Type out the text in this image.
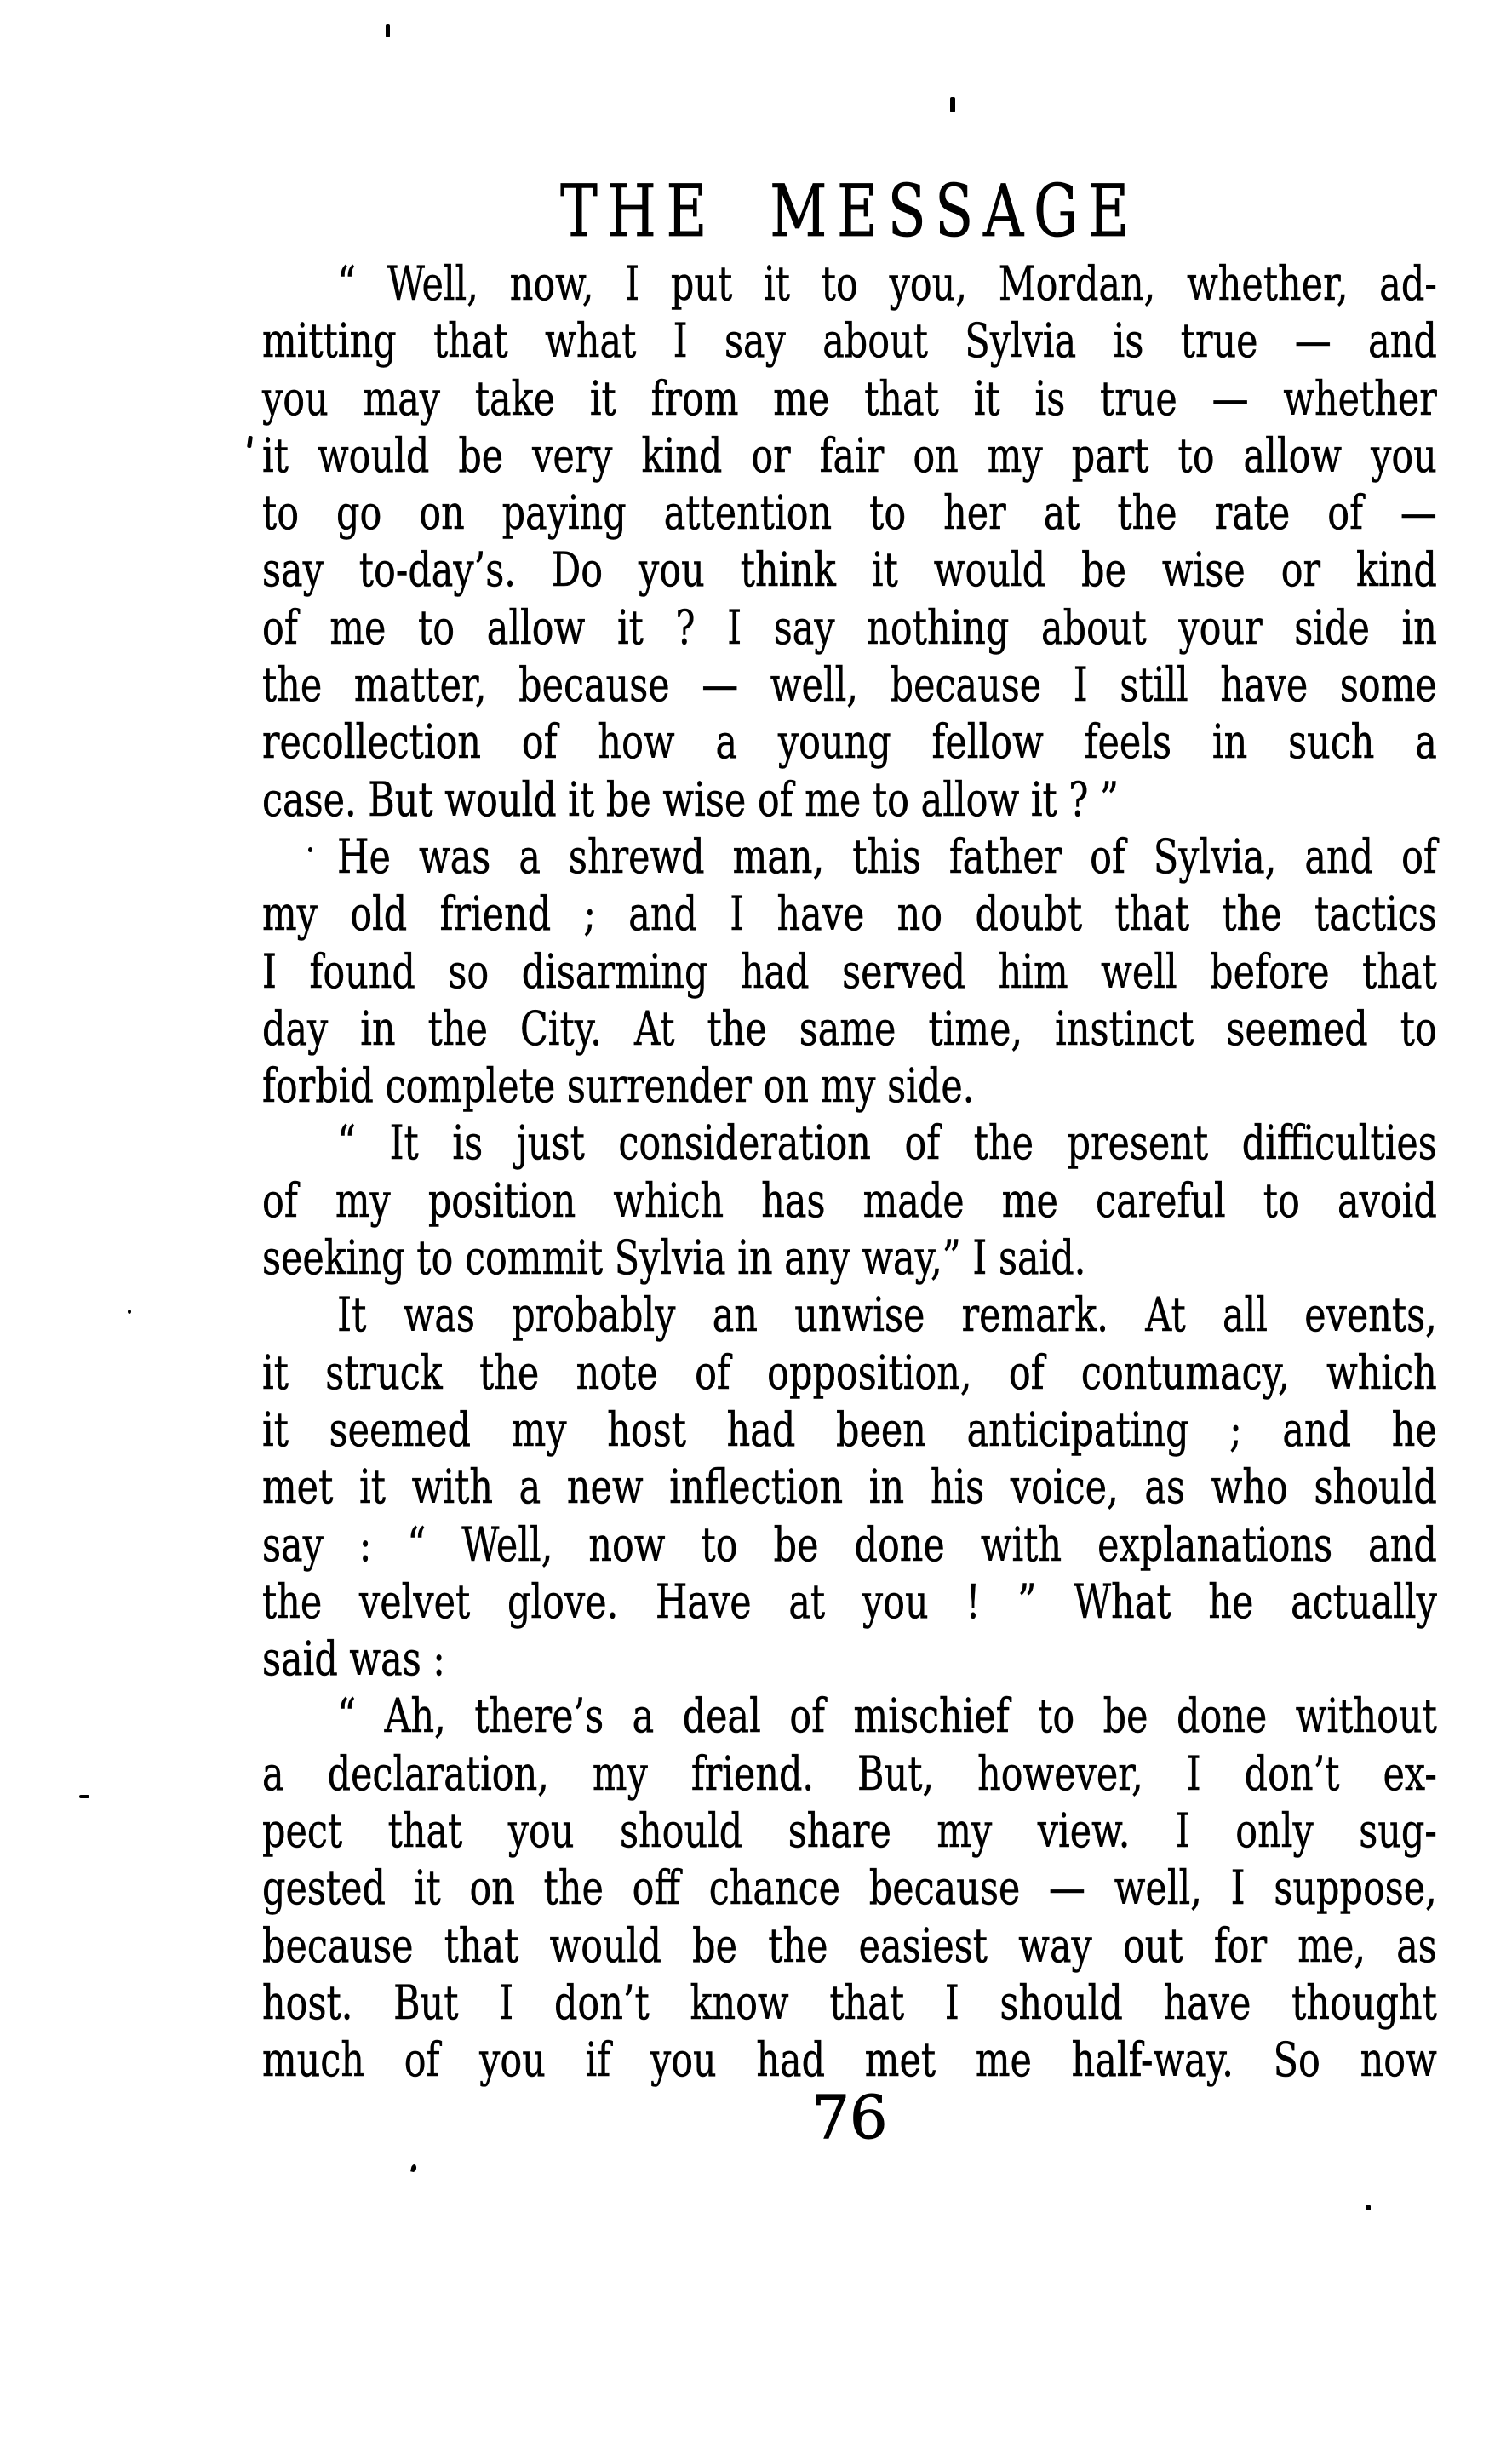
THE MESSAGE
“ Well, now, I put it to you, Mordan, whether, ad-
mitting that what I say about Sylvia is true — and
you may take it from me that it is true — whether
it would be very kind or fair on my part to allow you
to go on paying attention to her at the rate of —
say to-day’s. Do you think it would be wise or kind
of me to allow it ? I say nothing about your side in
the matter, because — well, because I still have some
recollection of how a young fellow feels in such a
case. But would it be wise of me to allow it ? ”
He was a shrewd man, this father of Sylvia, and of
my old friend ; and I have no doubt that the tactics
I found so disarming had served him well before that
day in the City. At the same time, instinct seemed to
forbid complete surrender on my side.
“ It is just consideration of the present difficulties
of my position which has made me careful to avoid
seeking to commit Sylvia in any way,” I said.
It was probably an unwise remark. At all events,
it struck the note of opposition, of contumacy, which
it seemed my host had been anticipating ; and he
met it with a new inflection in his voice, as who should
say : “ Well, now to be done with explanations and
the velvet glove. Have at you ! ” What he actually
said was :
“ Ah, there’s a deal of mischief to be done without
a declaration, my friend. But, however, I don’t ex-
pect that you should share my view. I only sug-
gested it on the off chance because — well, I suppose,
because that would be the easiest way out for me, as
host. But I don’t know that I should have thought
much of you if you had met me half-way. So now
76
